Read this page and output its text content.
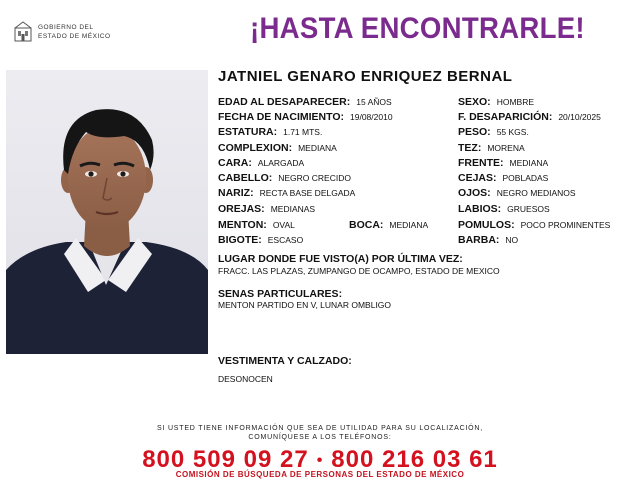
GOBIERNO DEL
ESTADO DE MÉXICO	¡HASTA ENCONTRARLE!
JATNIEL GENARO ENRIQUEZ BERNAL
EDAD AL DESAPARECER: 15 AÑOS
FECHA DE NACIMIENTO: 19/08/2010
ESTATURA: 1.71 MTS.
COMPLEXION: MEDIANA
CARA: ALARGADA
CABELLO: NEGRO CRECIDO
NARIZ: RECTA BASE DELGADA
OREJAS: MEDIANAS
MENTON: OVAL	BOCA: MEDIANA
BIGOTE: ESCASO
SEXO: HOMBRE
F. DESAPARICIÓN: 20/10/2025
PESO: 55 KGS.
TEZ: MORENA
FRENTE: MEDIANA
CEJAS: POBLADAS
OJOS: NEGRO MEDIANOS
LABIOS: GRUESOS
POMULOS: POCO PROMINENTES
BARBA: NO
LUGAR DONDE FUE VISTO(A) POR ÚLTIMA VEZ:
FRACC. LAS PLAZAS, ZUMPANGO DE OCAMPO, ESTADO DE MEXICO
SENAS PARTICULARES:
MENTON PARTIDO EN V, LUNAR OMBLIGO
VESTIMENTA Y CALZADO:
DESONOCEN
SI USTED TIENE INFORMACIÓN QUE SEA DE UTILIDAD PARA SU LOCALIZACIÓN,
COMUNÍQUESE A LOS TELÉFONOS:
800 509 09 27 • 800 216 03 61
COMISIÓN DE BÚSQUEDA DE PERSONAS DEL ESTADO DE MÉXICO
